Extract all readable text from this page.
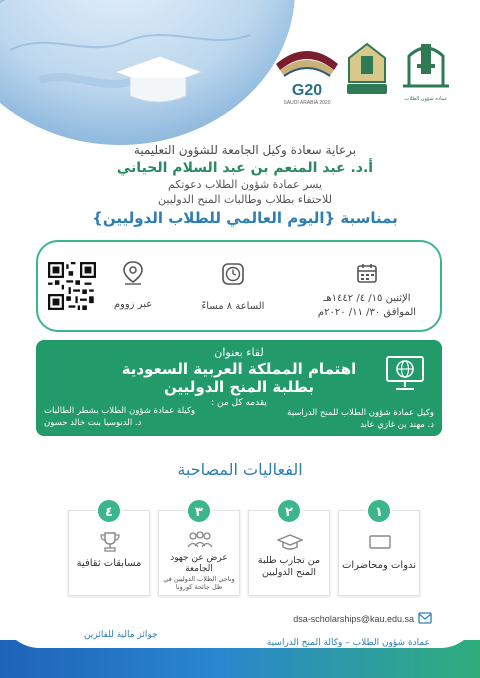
G20
SAUDI ARABIA 2020
عمادة شؤون الطلاب
برعاية سعادة وكيل الجامعة للشؤون التعليمية
أ.د. عبد المنعم بن عبد السلام الحياني
يسر عمادة شؤون الطلاب دعوتكم
للاحتفاء بطلاب وطالبات المنح الدوليين
بمناسبة {اليوم العالمي للطلاب الدوليين}
الإثنين ١٥/ ٤/ ١٤٤٢هـ
الموافق ٣٠/ ١١/ ٢٠٢٠م
الساعة ٨ مساءً
عبر زووم
لقاء بعنوان
اهتمام المملكة العربية السعودية
بطلبة المنح الدوليين
يقدمه كل من :
وكيل عمادة شؤون الطلاب للمنح الدراسية
د. مهند بن غازي عابد
وكيلة عمادة شؤون الطلاب بشطر الطالبات
د. الدنوسيا بنت خالد حسون
الفعاليات المصاحبة
ندوات ومحاضرات
١
من تجارب طلبة المنح الدوليين
٢
عرض عن جهود الجامعة
وناجي الطلاب الدوليين في ظل جائحة كورونا
٣
مسابقات ثقافية
٤
جوائز مالية للفائزين
dsa-scholarships@kau.edu.sa
عمادة شؤون الطلاب – وكالة المنح الدراسية
